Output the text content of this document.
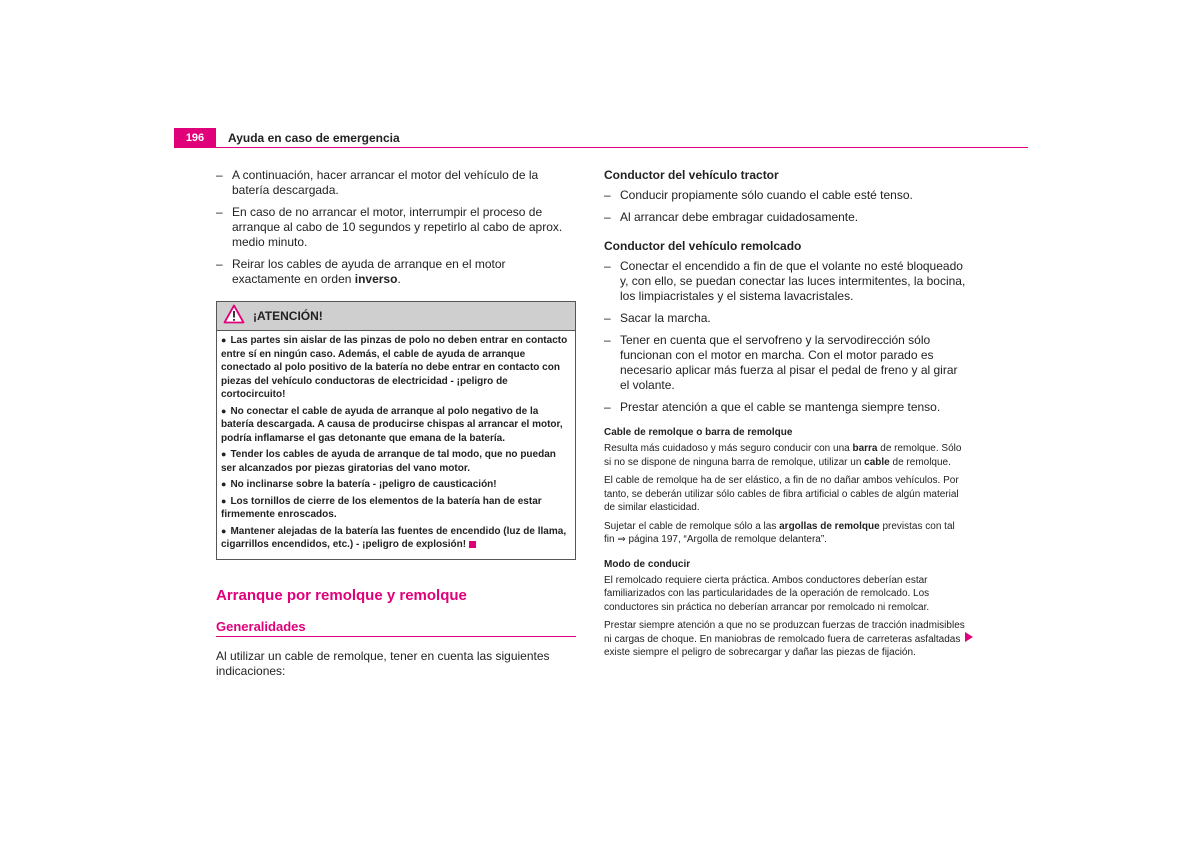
196	Ayuda en caso de emergencia
– A continuación, hacer arrancar el motor del vehículo de la batería descargada.
– En caso de no arrancar el motor, interrumpir el proceso de arranque al cabo de 10 segundos y repetirlo al cabo de aprox. medio minuto.
– Reirar los cables de ayuda de arranque en el motor exactamente en orden inverso.
¡ATENCIÓN!
● Las partes sin aislar de las pinzas de polo no deben entrar en contacto entre sí en ningún caso. Además, el cable de ayuda de arranque conectado al polo positivo de la batería no debe entrar en contacto con piezas del vehículo conductoras de electricidad - ¡peligro de cortocircuito!
● No conectar el cable de ayuda de arranque al polo negativo de la batería descargada. A causa de producirse chispas al arrancar el motor, podría inflamarse el gas detonante que emana de la batería.
● Tender los cables de ayuda de arranque de tal modo, que no puedan ser alcanzados por piezas giratorias del vano motor.
● No inclinarse sobre la batería - ¡peligro de causticación!
● Los tornillos de cierre de los elementos de la batería han de estar firmemente enroscados.
● Mantener alejadas de la batería las fuentes de encendido (luz de llama, cigarrillos encendidos, etc.) - ¡peligro de explosión!
Arranque por remolque y remolque
Generalidades
Al utilizar un cable de remolque, tener en cuenta las siguientes indicaciones:
Conductor del vehículo tractor
– Conducir propiamente sólo cuando el cable esté tenso.
– Al arrancar debe embragar cuidadosamente.
Conductor del vehículo remolcado
– Conectar el encendido a fin de que el volante no esté bloqueado y, con ello, se puedan conectar las luces intermitentes, la bocina, los limpiacristales y el sistema lavacristales.
– Sacar la marcha.
– Tener en cuenta que el servofreno y la servodirección sólo funcionan con el motor en marcha. Con el motor parado es necesario aplicar más fuerza al pisar el pedal de freno y al girar el volante.
– Prestar atención a que el cable se mantenga siempre tenso.
Cable de remolque o barra de remolque
Resulta más cuidadoso y más seguro conducir con una barra de remolque. Sólo si no se dispone de ninguna barra de remolque, utilizar un cable de remolque.
El cable de remolque ha de ser elástico, a fin de no dañar ambos vehículos. Por tanto, se deberán utilizar sólo cables de fibra artificial o cables de algún material de similar elasticidad.
Sujetar el cable de remolque sólo a las argollas de remolque previstas con tal fin ⇒ página 197, “Argolla de remolque delantera”.
Modo de conducir
El remolcado requiere cierta práctica. Ambos conductores deberían estar familiarizados con las particularidades de la operación de remolcado. Los conductores sin práctica no deberían arrancar por remolcado ni remolcar.
Prestar siempre atención a que no se produzcan fuerzas de tracción inadmisibles ni cargas de choque. En maniobras de remolcado fuera de carreteras asfaltadas existe siempre el peligro de sobrecargar y dañar las piezas de fijación.
